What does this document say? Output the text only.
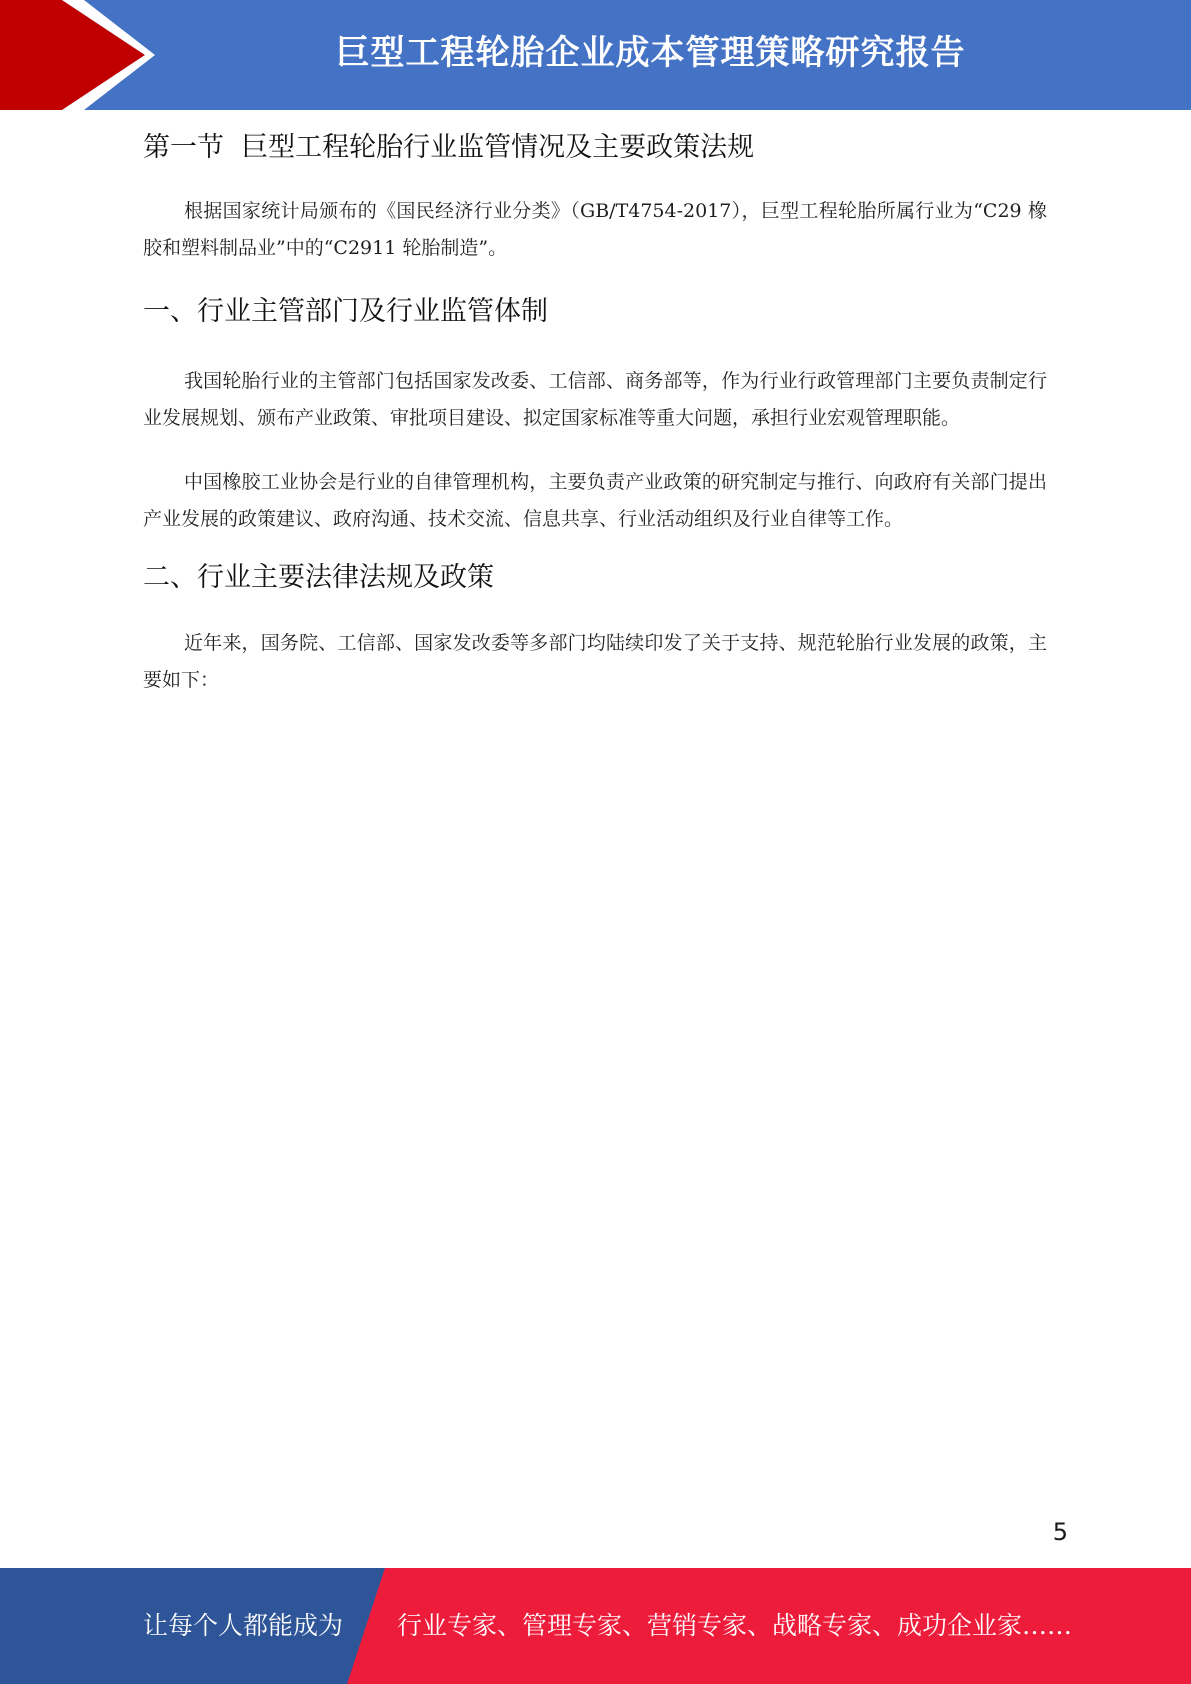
巨型工程轮胎企业成本管理策略研究报告
第一节  巨型工程轮胎行业监管情况及主要政策法规

根据国家统计局颁布的《国民经济行业分类》（GB/T4754-2017），巨型工程轮胎所属行业为“C29 橡胶和塑料制品业”中的“C2911 轮胎制造”。

一、行业主管部门及行业监管体制

我国轮胎行业的主管部门包括国家发改委、工信部、商务部等，作为行业行政管理部门主要负责制定行业发展规划、颁布产业政策、审批项目建设、拟定国家标准等重大问题，承担行业宏观管理职能。

中国橡胶工业协会是行业的自律管理机构，主要负责产业政策的研究制定与推行、向政府有关部门提出产业发展的政策建议、政府沟通、技术交流、信息共享、行业活动组织及行业自律等工作。

二、行业主要法律法规及政策

近年来，国务院、工信部、国家发改委等多部门均陆续印发了关于支持、规范轮胎行业发展的政策，主要如下：

5
让每个人都能成为 行业专家、管理专家、营销专家、战略专家、成功企业家……
